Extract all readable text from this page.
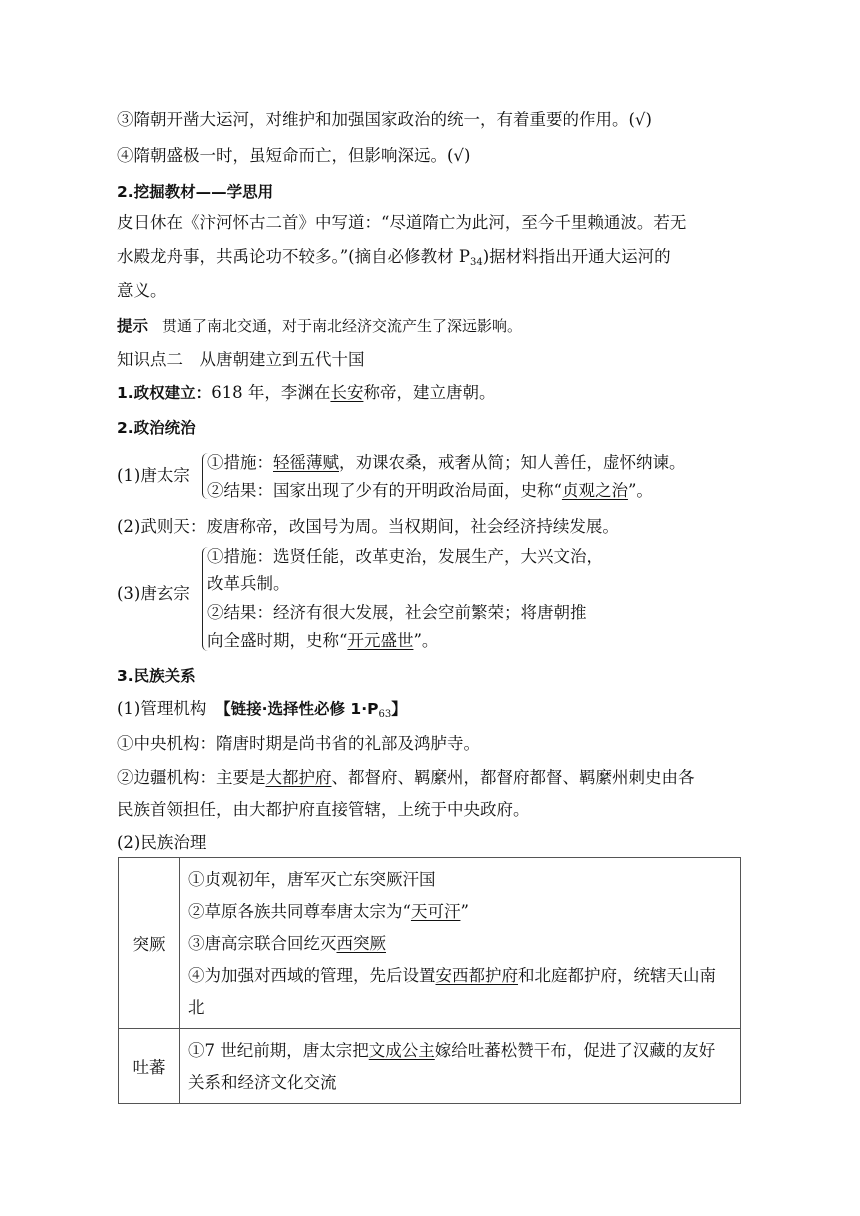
③隋朝开凿大运河，对维护和加强国家政治的统一，有着重要的作用。(√)
④隋朝盛极一时，虽短命而亡，但影响深远。(√)
2.挖掘教材——学思用
皮日休在《汴河怀古二首》中写道：“尽道隋亡为此河，至今千里赖通波。若无
水殿龙舟事，共禹论功不较多。”(摘自必修教材 $P_{34}$)据材料指出开通大运河的
意义。
提示 贯通了南北交通，对于南北经济交流产生了深远影响。
知识点二　从唐朝建立到五代十国
1.政权建立：618 年，李渊在长安称帝，建立唐朝。
2.政治统治
(1)唐太宗
①措施：轻徭薄赋，劝课农桑，戒奢从简；知人善任，虚怀纳谏。
②结果：国家出现了少有的开明政治局面，史称“贞观之治”。
(2)武则天：废唐称帝，改国号为周。当权期间，社会经济持续发展。
(3)唐玄宗
①措施：选贤任能，改革吏治，发展生产，大兴文治，
改革兵制。
②结果：经济有很大发展，社会空前繁荣；将唐朝推
向全盛时期，史称“开元盛世”。
3.民族关系
(1)管理机构　【链接·选择性必修 $1\cdot P_{63}$】
①中央机构：隋唐时期是尚书省的礼部及鸿胪寺。
②边疆机构：主要是大都护府、都督府、羁縻州，都督府都督、羁縻州刺史由各
民族首领担任，由大都护府直接管辖，上统于中央政府。
(2)民族治理
突厥	①贞观初年，唐军灭亡东突厥汗国
②草原各族共同尊奉唐太宗为“天可汗”
③唐高宗联合回纥灭西突厥
④为加强对西域的管理，先后设置安西都护府和北庭都护府，统辖天山南
北

吐蕃	①7 世纪前期，唐太宗把文成公主嫁给吐蕃松赞干布，促进了汉藏的友好
关系和经济文化交流
